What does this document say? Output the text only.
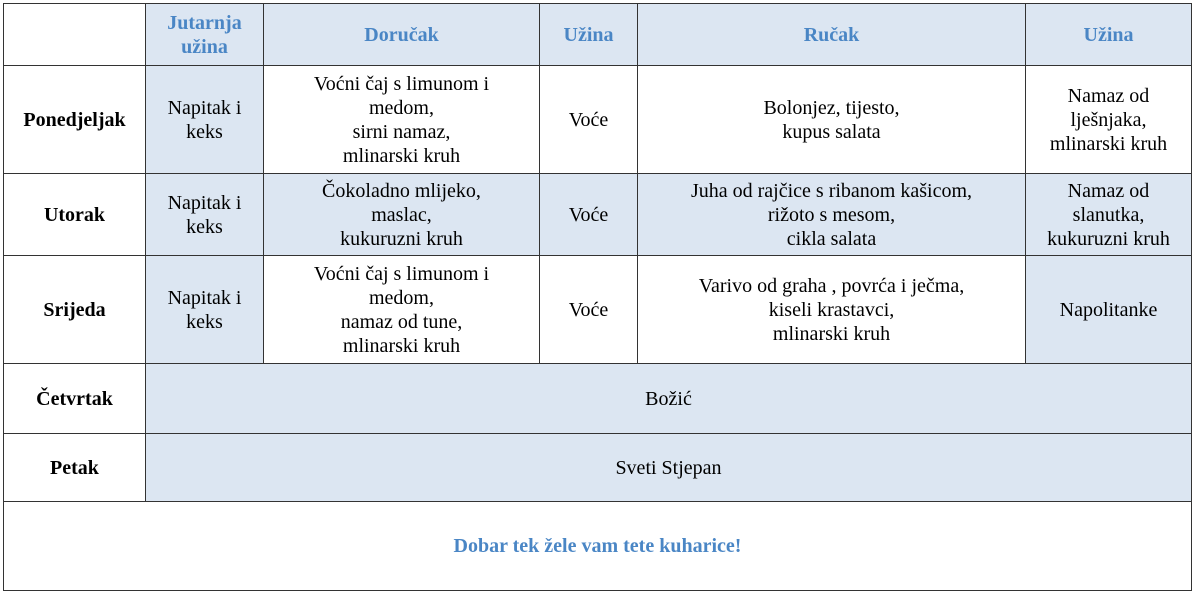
	Jutarnja
užina	Doručak	Užina	Ručak	Užina
Ponedjeljak	Napitak i
keks	Voćni čaj s limunom i
medom,
sirni namaz,
mlinarski kruh	Voće	Bolonjez, tijesto,
kupus salata	Namaz od
lješnjaka,
mlinarski kruh

Utorak	Napitak i
keks	Čokoladno mlijeko,
maslac,
kukuruzni kruh	Voće	Juha od rajčice s ribanom kašicom,
rižoto s mesom,
cikla salata	Namaz od
slanutka,
kukuruzni kruh

Srijeda	Napitak i
keks	Voćni čaj s limunom i
medom,
namaz od tune,
mlinarski kruh	Voće	Varivo od graha , povrća i ječma,
kiseli krastavci,
mlinarski kruh	Napolitanke

Četvrtak	Božić				
Petak	Sveti Stjepan				
Dobar tek žele vam tete kuharice!					
